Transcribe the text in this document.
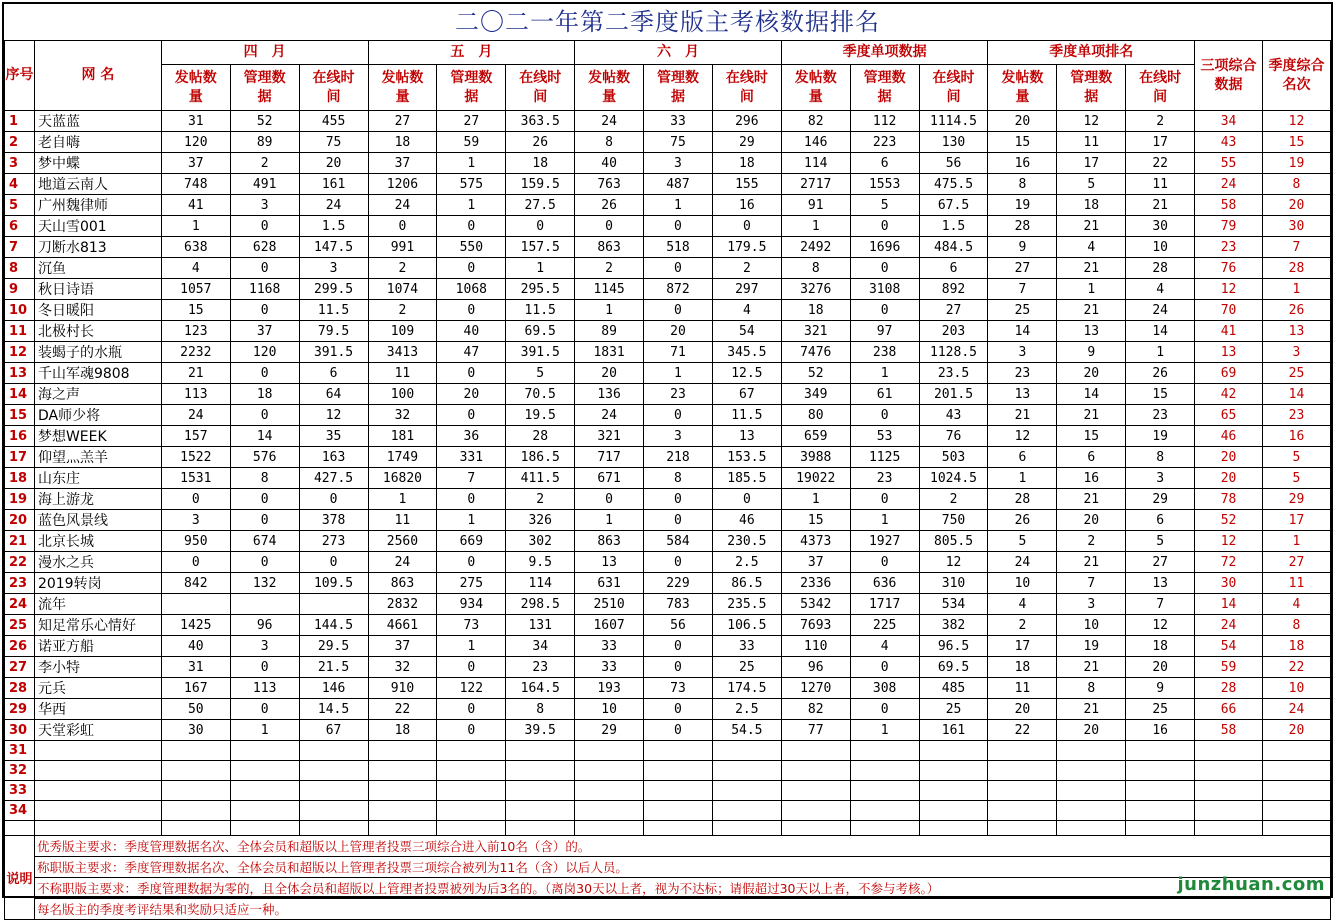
二〇二一年第二季度版主考核数据排名
序号	网 名	四　月			五　月			六　月			季度单项数据			季度单项排名			三项综合数据	季度综合名次
		发帖数量	管理数据	在线时间	发帖数量	管理数据	在线时间	发帖数量	管理数据	在线时间	发帖数量	管理数据	在线时间	发帖数量	管理数据	在线时间		
1	天蓝蓝	31	52	455	27	27	363.5	24	33	296	82	112	1114.5	20	12	2	34	12
2	老自嗨	120	89	75	18	59	26	8	75	29	146	223	130	15	11	17	43	15
3	梦中蝶	37	2	20	37	1	18	40	3	18	114	6	56	16	17	22	55	19
4	地道云南人	748	491	161	1206	575	159.5	763	487	155	2717	1553	475.5	8	5	11	24	8
5	广州魏律师	41	3	24	24	1	27.5	26	1	16	91	5	67.5	19	18	21	58	20
6	天山雪001	1	0	1.5	0	0	0	0	0	0	1	0	1.5	28	21	30	79	30
7	刀断水813	638	628	147.5	991	550	157.5	863	518	179.5	2492	1696	484.5	9	4	10	23	7
8	沉鱼	4	0	3	2	0	1	2	0	2	8	0	6	27	21	28	76	28
9	秋日诗语	1057	1168	299.5	1074	1068	295.5	1145	872	297	3276	3108	892	7	1	4	12	1
10	冬日暖阳	15	0	11.5	2	0	11.5	1	0	4	18	0	27	25	21	24	70	26
11	北极村长	123	37	79.5	109	40	69.5	89	20	54	321	97	203	14	13	14	41	13
12	装蝎子的水瓶	2232	120	391.5	3413	47	391.5	1831	71	345.5	7476	238	1128.5	3	9	1	13	3
13	千山军魂9808	21	0	6	11	0	5	20	1	12.5	52	1	23.5	23	20	26	69	25
14	海之声	113	18	64	100	20	70.5	136	23	67	349	61	201.5	13	14	15	42	14
15	DA师少将	24	0	12	32	0	19.5	24	0	11.5	80	0	43	21	21	23	65	23
16	梦想WEEK	157	14	35	181	36	28	321	3	13	659	53	76	12	15	19	46	16
17	仰望灬羔羊	1522	576	163	1749	331	186.5	717	218	153.5	3988	1125	503	6	6	8	20	5
18	山东庄	1531	8	427.5	16820	7	411.5	671	8	185.5	19022	23	1024.5	1	16	3	20	5
19	海上游龙	0	0	0	1	0	2	0	0	0	1	0	2	28	21	29	78	29
20	蓝色风景线	3	0	378	11	1	326	1	0	46	15	1	750	26	20	6	52	17
21	北京长城	950	674	273	2560	669	302	863	584	230.5	4373	1927	805.5	5	2	5	12	1
22	漫水之兵	0	0	0	24	0	9.5	13	0	2.5	37	0	12	24	21	27	72	27
23	2019转岗	842	132	109.5	863	275	114	631	229	86.5	2336	636	310	10	7	13	30	11
24	流年				2832	934	298.5	2510	783	235.5	5342	1717	534	4	3	7	14	4
25	知足常乐心情好	1425	96	144.5	4661	73	131	1607	56	106.5	7693	225	382	2	10	12	24	8
26	诺亚方船	40	3	29.5	37	1	34	33	0	33	110	4	96.5	17	19	18	54	18
27	李小特	31	0	21.5	32	0	23	33	0	25	96	0	69.5	18	21	20	59	22
28	元兵	167	113	146	910	122	164.5	193	73	174.5	1270	308	485	11	8	9	28	10
29	华西	50	0	14.5	22	0	8	10	0	2.5	82	0	25	20	21	25	66	24
30	天堂彩虹	30	1	67	18	0	39.5	29	0	54.5	77	1	161	22	20	16	58	20
31																		
32																		
33																		
34																		

说明	优秀版主要求：季度管理数据名次、全体会员和超版以上管理者投票三项综合进入前10名（含）的。																	
	称职版主要求：季度管理数据名次、全体会员和超版以上管理者投票三项综合被列为11名（含）以后人员。																	
	不称职版主要求：季度管理数据为零的，且全体会员和超版以上管理者投票被列为后3名的。（离岗30天以上者，视为不达标；请假超过30天以上者，不参与考核。）																	
	每名版主的季度考评结果和奖励只适应一种。																	
junzhuan.com
